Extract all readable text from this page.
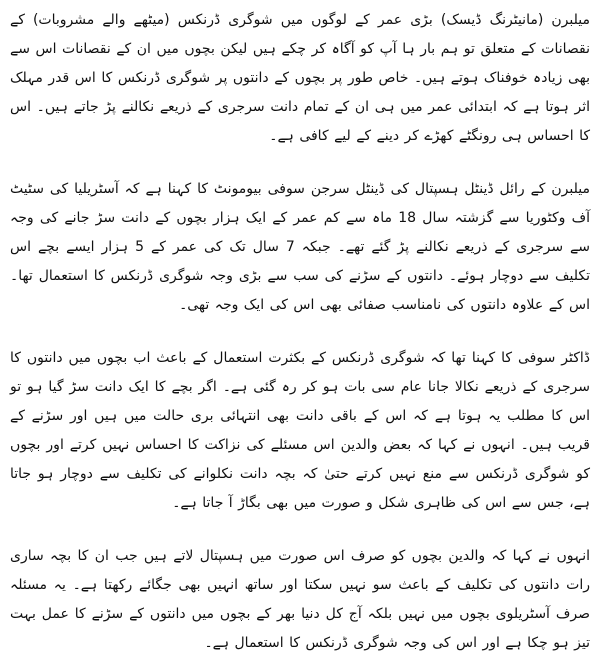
میلبرن (مانیٹرنگ ڈیسک) بڑی عمر کے لوگوں میں شوگری ڈرنکس (میٹھے والے مشروبات) کے نقصانات کے متعلق تو ہم بار ہا آپ کو آگاہ کر چکے ہیں لیکن بچوں میں ان کے نقصانات اس سے بھی زیادہ خوفناک ہوتے ہیں۔ خاص طور پر بچوں کے دانتوں پر شوگری ڈرنکس کا اس قدر مہلک اثر ہوتا ہے کہ ابتدائی عمر میں ہی ان کے تمام دانت سرجری کے ذریعے نکالنے پڑ جاتے ہیں۔ اس کا احساس ہی رونگٹے کھڑے کر دینے کے لیے کافی ہے۔

میلبرن کے رائل ڈینٹل ہسپتال کی ڈینٹل سرجن سوفی بیومونٹ کا کہنا ہے کہ آسٹریلیا کی سٹیٹ آف وکٹوریا سے گزشتہ سال 18 ماہ سے کم عمر کے ایک ہزار بچوں کے دانت سڑ جانے کی وجہ سے سرجری کے ذریعے نکالنے پڑ گئے تھے۔ جبکہ 7 سال تک کی عمر کے 5 ہزار ایسے بچے اس تکلیف سے دوچار ہوئے۔ دانتوں کے سڑنے کی سب سے بڑی وجہ شوگری ڈرنکس کا استعمال تھا۔ اس کے علاوہ دانتوں کی نامناسب صفائی بھی اس کی ایک وجہ تھی۔

ڈاکٹر سوفی کا کہنا تھا کہ شوگری ڈرنکس کے بکثرت استعمال کے باعث اب بچوں میں دانتوں کا سرجری کے ذریعے نکالا جانا عام سی بات ہو کر رہ گئی ہے۔ اگر بچے کا ایک دانت سڑ گیا ہو تو اس کا مطلب یہ ہوتا ہے کہ اس کے باقی دانت بھی انتہائی بری حالت میں ہیں اور سڑنے کے قریب ہیں۔ انہوں نے کہا کہ بعض والدین اس مسئلے کی نزاکت کا احساس نہیں کرتے اور بچوں کو شوگری ڈرنکس سے منع نہیں کرتے حتیٰ کہ بچہ دانت نکلوانے کی تکلیف سے دوچار ہو جاتا ہے، جس سے اس کی ظاہری شکل و صورت میں بھی بگاڑ آ جاتا ہے۔

انہوں نے کہا کہ والدین بچوں کو صرف اس صورت میں ہسپتال لاتے ہیں جب ان کا بچہ ساری رات دانتوں کی تکلیف کے باعث سو نہیں سکتا اور ساتھ انہیں بھی جگائے رکھتا ہے۔ یہ مسئلہ صرف آسٹریلوی بچوں میں نہیں بلکہ آج کل دنیا بھر کے بچوں میں دانتوں کے سڑنے کا عمل بہت تیز ہو چکا ہے اور اس کی وجہ شوگری ڈرنکس کا استعمال ہے۔
